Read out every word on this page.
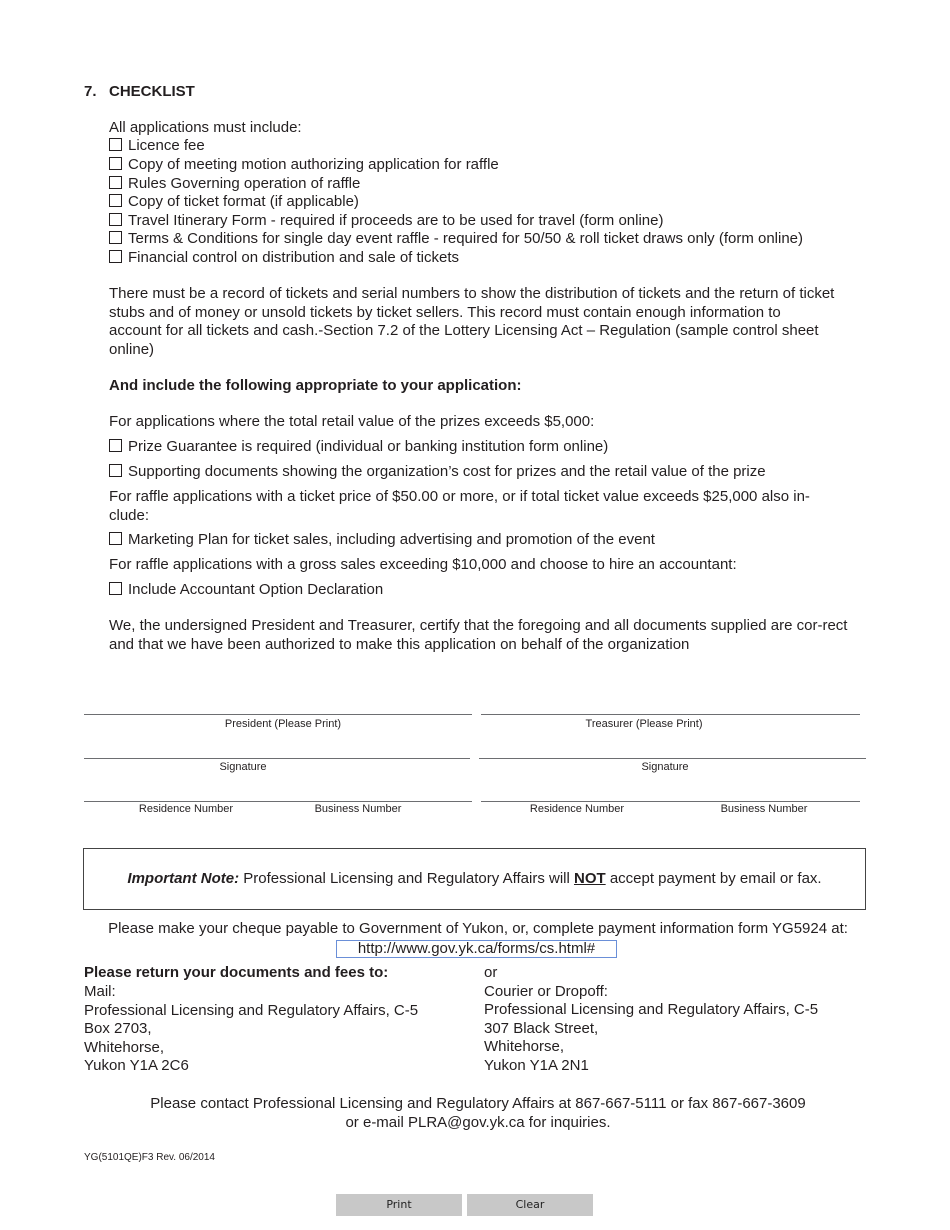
7. CHECKLIST
All applications must include:
Licence fee
Copy of meeting motion authorizing application for raffle
Rules Governing operation of raffle
Copy of ticket format (if applicable)
Travel Itinerary Form - required if proceeds are to be used for travel (form online)
Terms & Conditions for single day event raffle - required for 50/50 & roll ticket draws only (form online)
Financial control on distribution and sale of tickets
There must be a record of tickets and serial numbers to show the distribution of tickets and the return of ticket stubs and of money or unsold tickets by ticket sellers. This record must contain enough information to account for all tickets and cash.-Section 7.2 of the Lottery Licensing Act – Regulation (sample control sheet online)
And include the following appropriate to your application:
For applications where the total retail value of the prizes exceeds $5,000:
Prize Guarantee is required (individual or banking institution form online)
Supporting documents showing the organization’s cost for prizes and the retail value of the prize
For raffle applications with a ticket price of $50.00 or more, or if total ticket value exceeds $25,000 also in-clude:
Marketing Plan for ticket sales, including advertising and promotion of the event
For raffle applications with a gross sales exceeding $10,000 and choose to hire an accountant:
Include Accountant Option Declaration
We, the undersigned President and Treasurer, certify that the foregoing and all documents supplied are cor-rect and that we have been authorized to make this application on behalf of the organization
President (Please Print)	Treasurer (Please Print)
Signature	Signature
Residence Number	Business Number	Residence Number	Business Number
Important Note: Professional Licensing and Regulatory Affairs will NOT accept payment by email or fax.
Please make your cheque payable to Government of Yukon, or, complete payment information form YG5924 at:
http://www.gov.yk.ca/forms/cs.html#
Please return your documents and fees to:
Mail:
Professional Licensing and Regulatory Affairs, C-5
Box 2703,
Whitehorse,
Yukon Y1A 2C6
or
Courier or Dropoff:
Professional Licensing and Regulatory Affairs, C-5
307 Black Street,
Whitehorse,
Yukon Y1A 2N1
Please contact Professional Licensing and Regulatory Affairs at 867-667-5111 or fax 867-667-3609
or e-mail PLRA@gov.yk.ca for inquiries.
YG(5101QE)F3 Rev. 06/2014
Print	Clear
